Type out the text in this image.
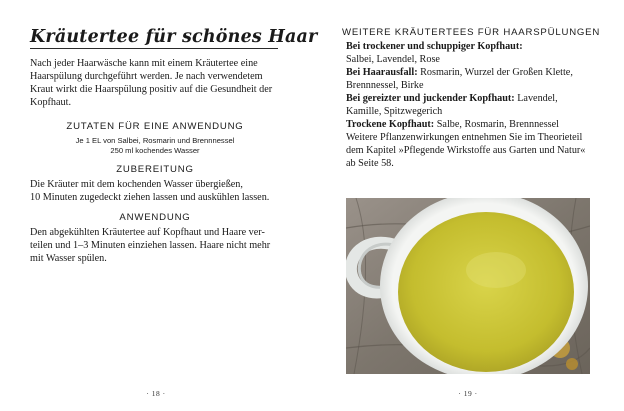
Kräutertee für schönes Haar
Nach jeder Haarwäsche kann mit einem Kräutertee eine
Haarspülung durchgeführt werden. Je nach verwendetem
Kraut wirkt die Haarspülung positiv auf die Gesundheit der
Kopfhaut.
ZUTATEN FÜR EINE ANWENDUNG
Je 1 EL von Salbei, Rosmarin und Brennnessel
250 ml kochendes Wasser
ZUBEREITUNG
Die Kräuter mit dem kochenden Wasser übergießen,
10 Minuten zugedeckt ziehen lassen und auskühlen lassen.
ANWENDUNG
Den abgekühlten Kräutertee auf Kopfhaut und Haare ver-
teilen und 1–3 Minuten einziehen lassen. Haare nicht mehr
mit Wasser spülen.
· 18 ·
WEITERE KRÄUTERTEES FÜR HAARSPÜLUNGEN
Bei trockener und schuppiger Kopfhaut:
Salbei, Lavendel, Rose
Bei Haarausfall: Rosmarin, Wurzel der Großen Klette,
Brennnessel, Birke
Bei gereizter und juckender Kopfhaut: Lavendel,
Kamille, Spitzwegerich
Trockene Kopfhaut: Salbe, Rosmarin, Brennnessel
Weitere Pflanzenwirkungen entnehmen Sie im Theorieteil
dem Kapitel »Pflegende Wirkstoffe aus Garten und Natur«
ab Seite 58.
· 19 ·
